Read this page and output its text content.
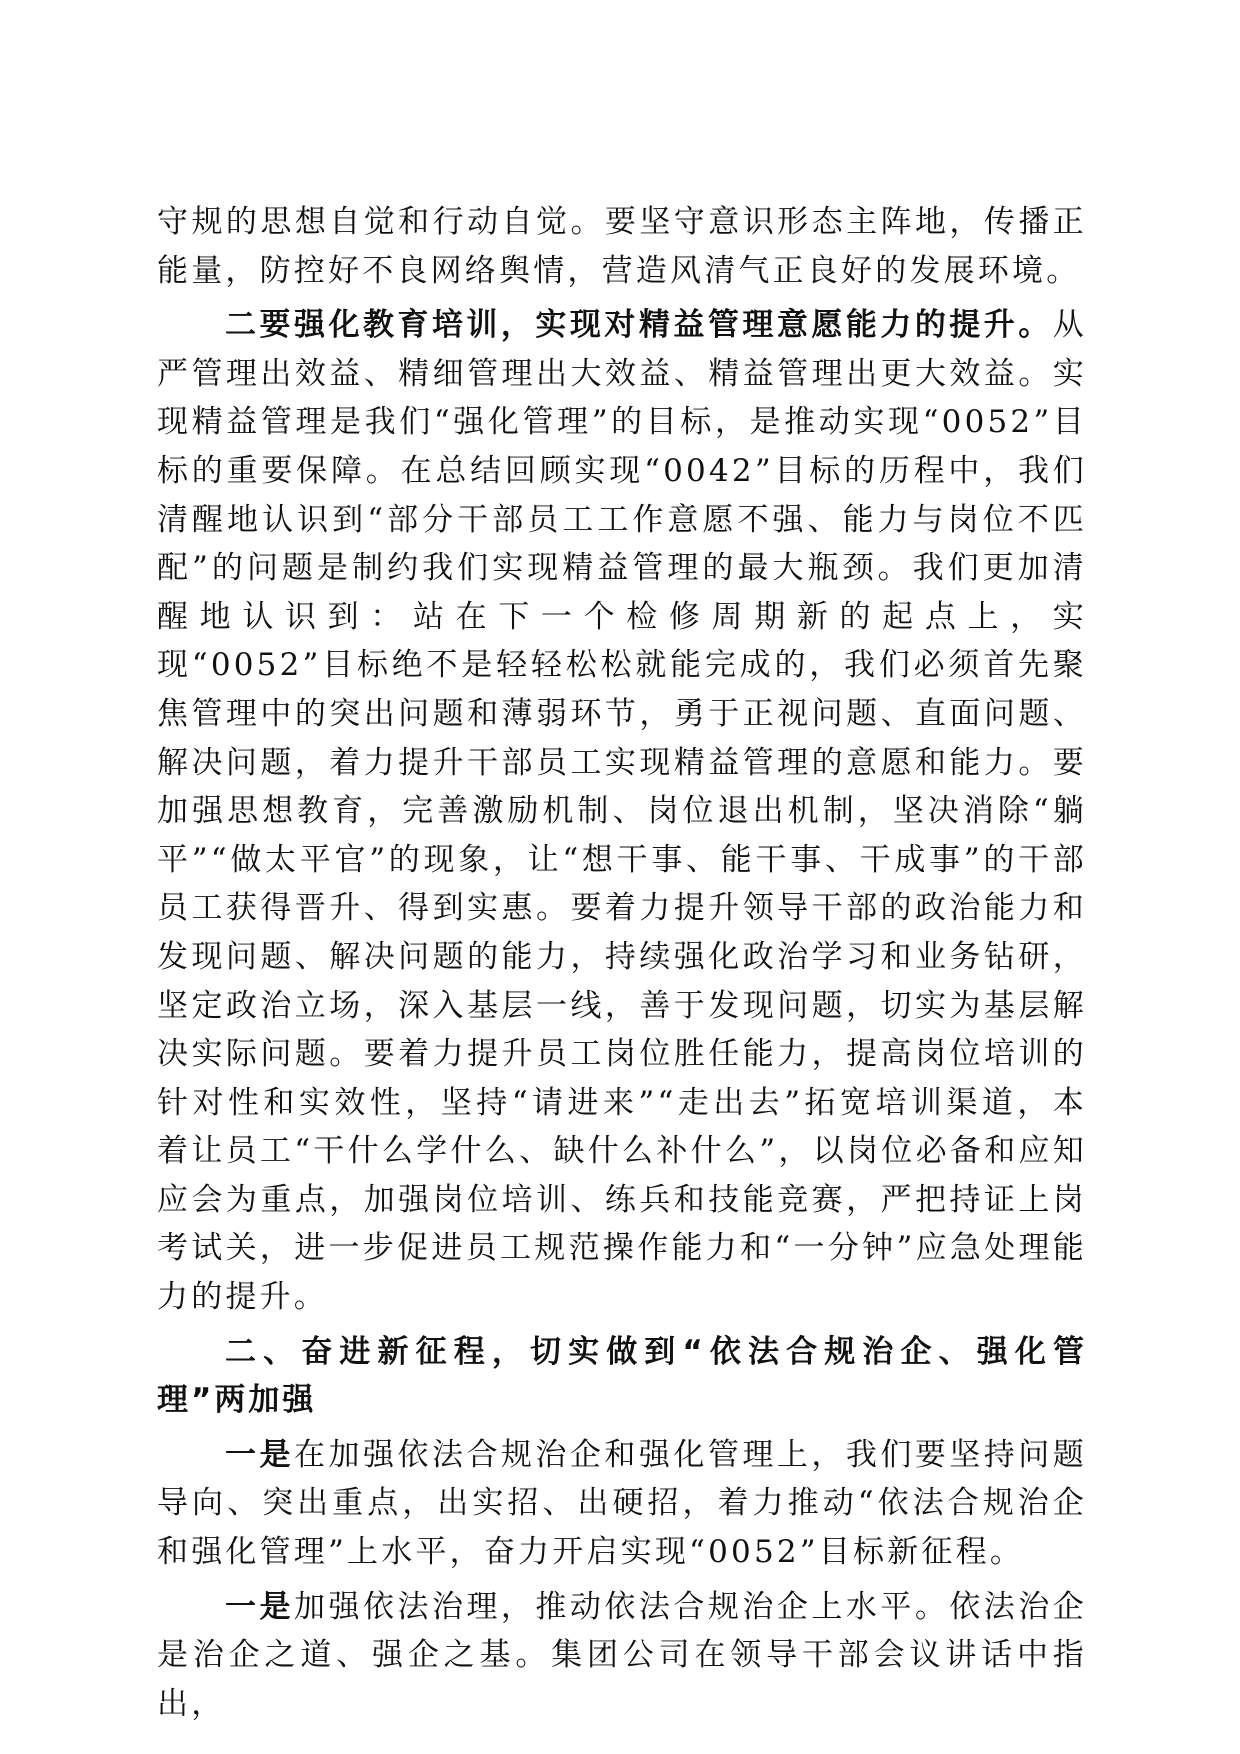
守规的思想自觉和行动自觉。要坚守意识形态主阵地，传播正能量，防控好不良网络舆情，营造风清气正良好的发展环境。

二要强化教育培训，实现对精益管理意愿能力的提升。从严管理出效益、精细管理出大效益、精益管理出更大效益。实现精益管理是我们“强化管理”的目标，是推动实现“0052”目标的重要保障。在总结回顾实现“0042”目标的历程中，我们清醒地认识到“部分干部员工工作意愿不强、能力与岗位不匹配”的问题是制约我们实现精益管理的最大瓶颈。我们更加清醒地认识到：站在下一个检修周期新的起点上，实现“0052”目标绝不是轻轻松松就能完成的，我们必须首先聚焦管理中的突出问题和薄弱环节，勇于正视问题、直面问题、解决问题，着力提升干部员工实现精益管理的意愿和能力。要加强思想教育，完善激励机制、岗位退出机制，坚决消除“躺平”“做太平官”的现象，让“想干事、能干事、干成事”的干部员工获得晋升、得到实惠。要着力提升领导干部的政治能力和发现问题、解决问题的能力，持续强化政治学习和业务钻研，坚定政治立场，深入基层一线，善于发现问题，切实为基层解决实际问题。要着力提升员工岗位胜任能力，提高岗位培训的针对性和实效性，坚持“请进来”“走出去”拓宽培训渠道，本着让员工“干什么学什么、缺什么补什么”，以岗位必备和应知应会为重点，加强岗位培训、练兵和技能竞赛，严把持证上岗考试关，进一步促进员工规范操作能力和“一分钟”应急处理能力的提升。

二、奋进新征程，切实做到“依法合规治企、强化管理”两加强

一是在加强依法合规治企和强化管理上，我们要坚持问题导向、突出重点，出实招、出硬招，着力推动“依法合规治企和强化管理”上水平，奋力开启实现“0052”目标新征程。

一是加强依法治理，推动依法合规治企上水平。依法治企是治企之道、强企之基。集团公司在领导干部会议讲话中指出，
